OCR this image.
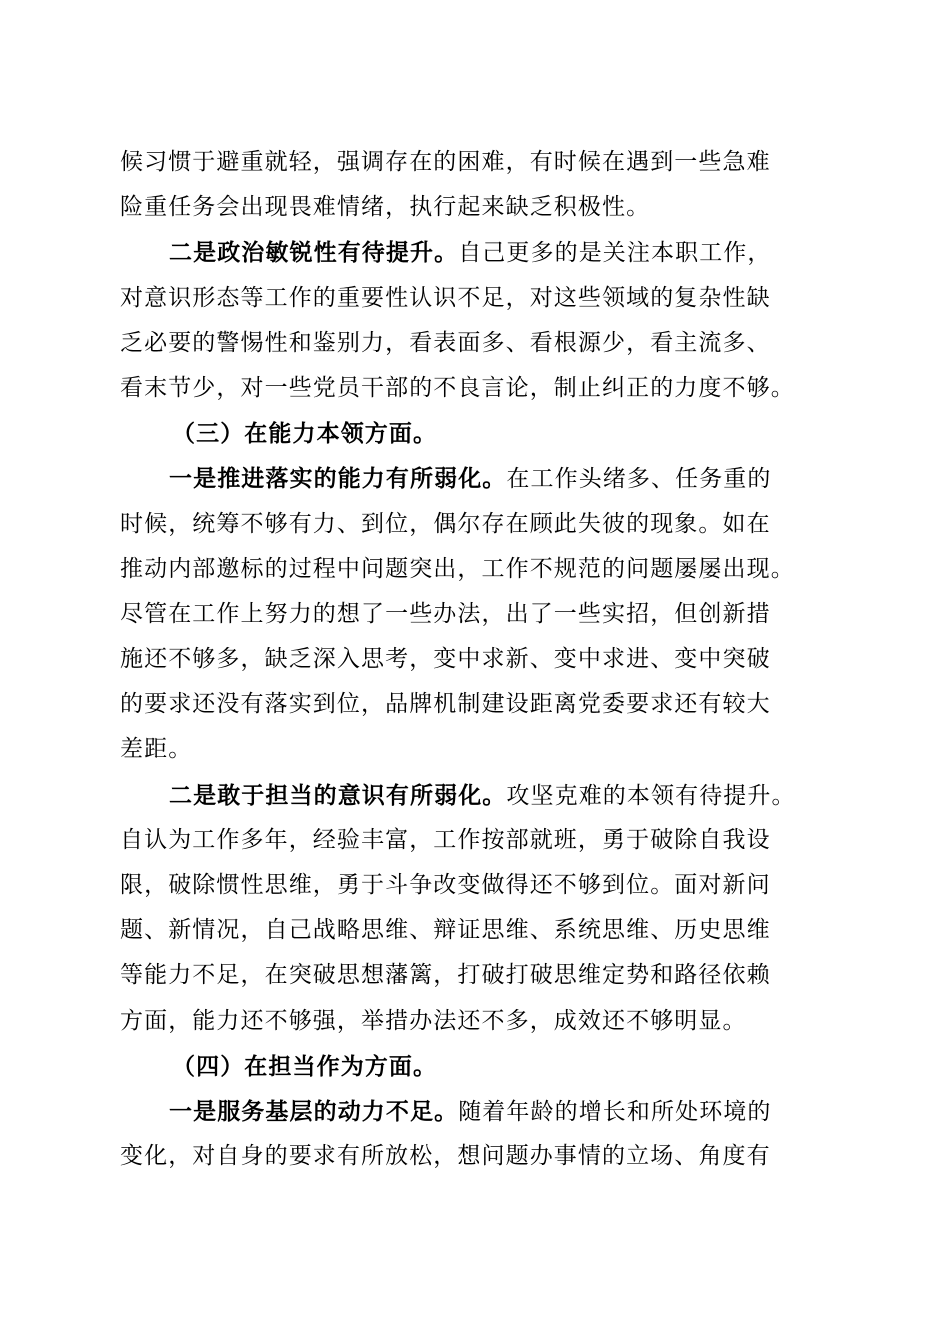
候习惯于避重就轻，强调存在的困难，有时候在遇到一些急难
险重任务会出现畏难情绪，执行起来缺乏积极性。
二是政治敏锐性有待提升。自己更多的是关注本职工作，
对意识形态等工作的重要性认识不足，对这些领域的复杂性缺
乏必要的警惕性和鉴别力，看表面多、看根源少，看主流多、
看末节少，对一些党员干部的不良言论，制止纠正的力度不够。
（三）在能力本领方面。
一是推进落实的能力有所弱化。在工作头绪多、任务重的
时候，统筹不够有力、到位，偶尔存在顾此失彼的现象。如在
推动内部邀标的过程中问题突出，工作不规范的问题屡屡出现。
尽管在工作上努力的想了一些办法，出了一些实招，但创新措
施还不够多，缺乏深入思考，变中求新、变中求进、变中突破
的要求还没有落实到位，品牌机制建设距离党委要求还有较大
差距。
二是敢于担当的意识有所弱化。攻坚克难的本领有待提升。
自认为工作多年，经验丰富，工作按部就班，勇于破除自我设
限，破除惯性思维，勇于斗争改变做得还不够到位。面对新问
题、新情况，自己战略思维、辩证思维、系统思维、历史思维
等能力不足，在突破思想藩篱，打破打破思维定势和路径依赖
方面，能力还不够强，举措办法还不多，成效还不够明显。
（四）在担当作为方面。
一是服务基层的动力不足。随着年龄的增长和所处环境的
变化，对自身的要求有所放松，想问题办事情的立场、角度有
